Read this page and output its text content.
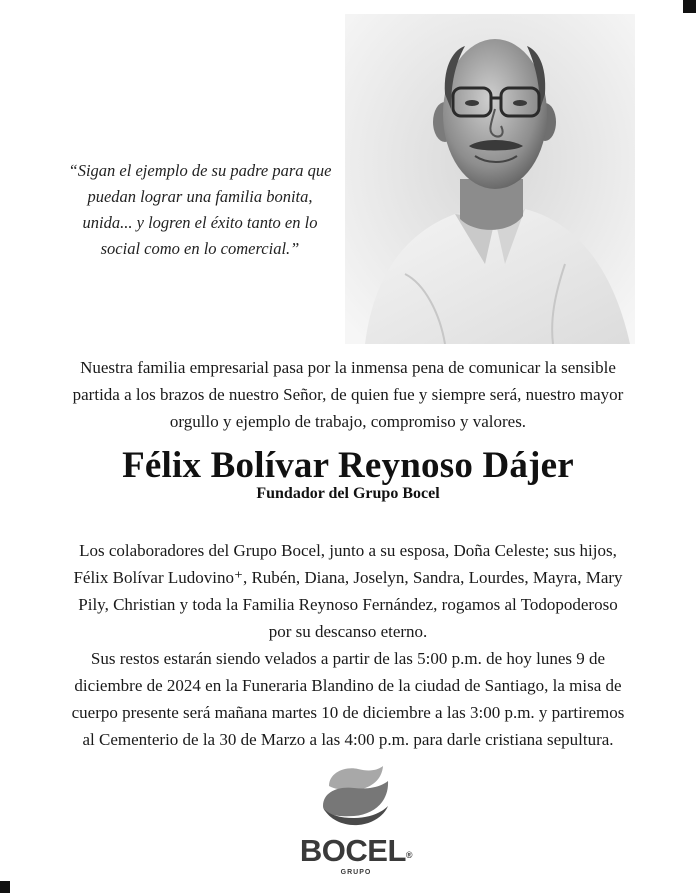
“Sigan el ejemplo de su padre para que
puedan lograr una familia bonita,
unida... y logren el éxito tanto en lo
social como en lo comercial.”
Nuestra familia empresarial pasa por la inmensa pena de comunicar la sensible
partida a los brazos de nuestro Señor, de quien fue y siempre será, nuestro mayor
orgullo y ejemplo de trabajo, compromiso y valores.
Félix Bolívar Reynoso Dájer
Fundador del Grupo Bocel

Los colaboradores del Grupo Bocel, junto a su esposa, Doña Celeste; sus hijos,
Félix Bolívar Ludovino⁺, Rubén, Diana, Joselyn, Sandra, Lourdes, Mayra, Mary
Pily, Christian y toda la Familia Reynoso Fernández, rogamos al Todopoderoso
por su descanso eterno.

Sus restos estarán siendo velados a partir de las 5:00 p.m. de hoy lunes 9 de
diciembre de 2024 en la Funeraria Blandino de la ciudad de Santiago, la misa de
cuerpo presente será mañana martes 10 de diciembre a las 3:00 p.m. y partiremos
al Cementerio de la 30 de Marzo a las 4:00 p.m. para darle cristiana sepultura.

BOCEL®
GRUPO
